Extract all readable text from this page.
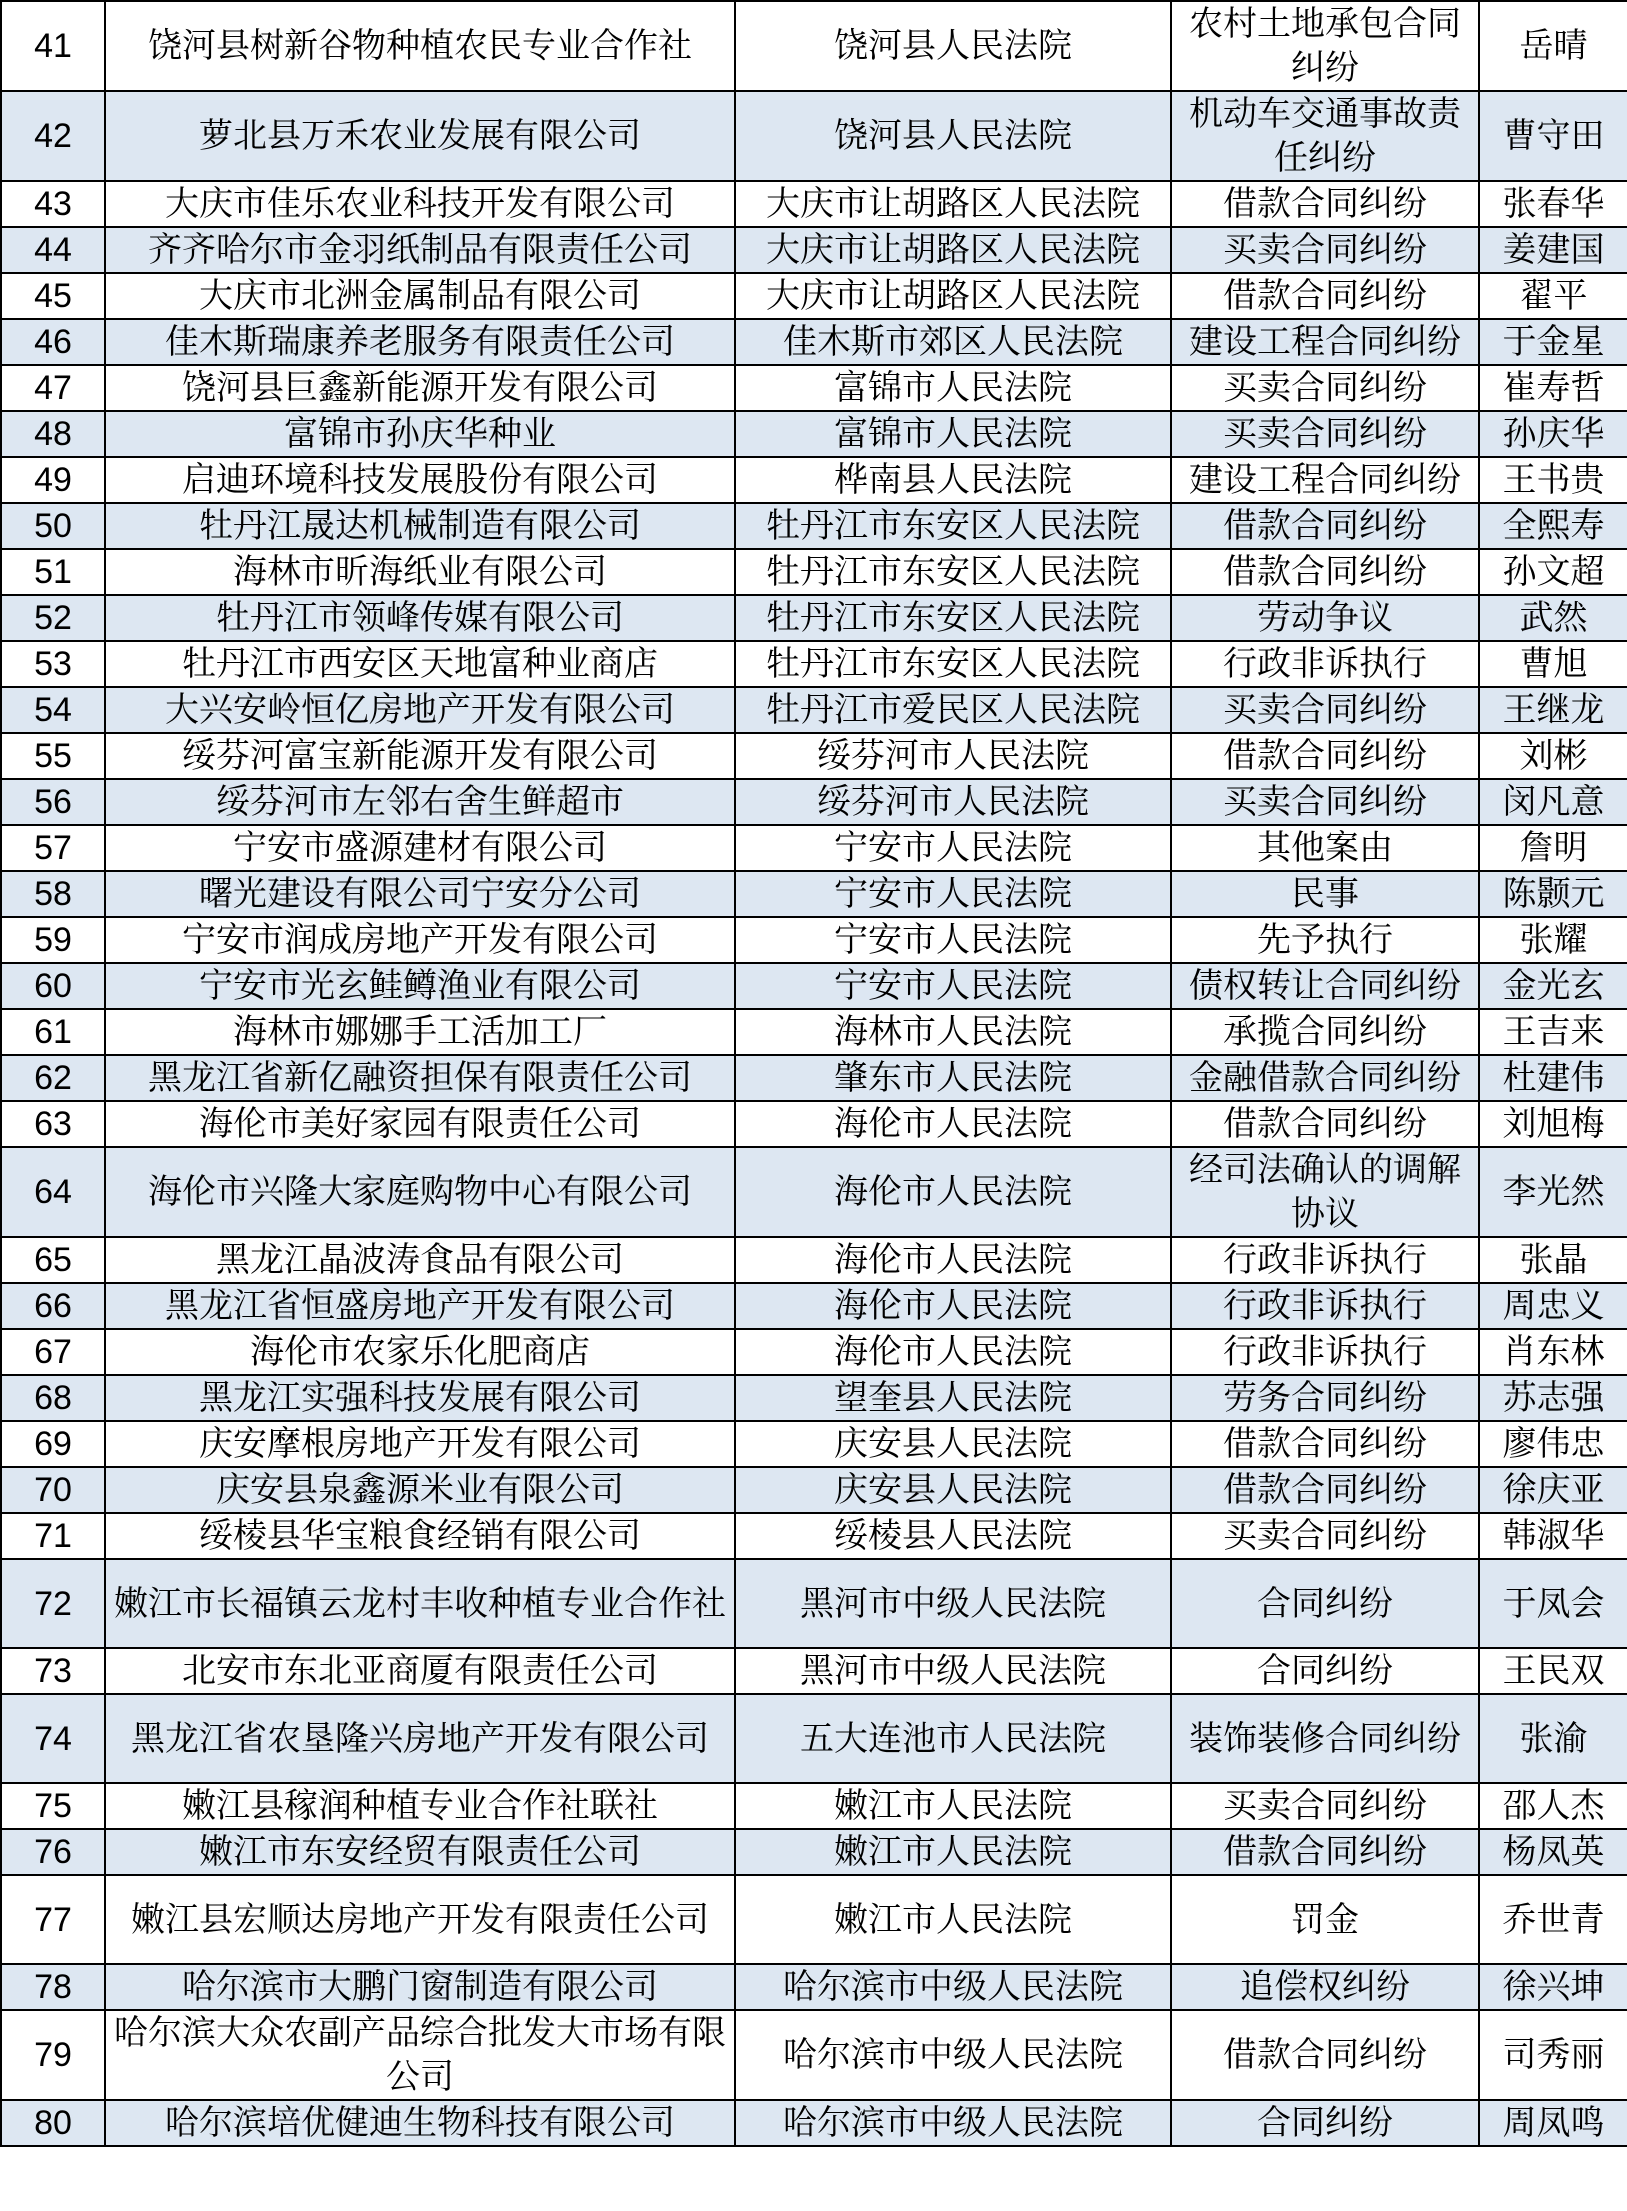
41	饶河县树新谷物种植农民专业合作社	饶河县人民法院	农村土地承包合同纠纷	岳晴
42	萝北县万禾农业发展有限公司	饶河县人民法院	机动车交通事故责任纠纷	曹守田
43	大庆市佳乐农业科技开发有限公司	大庆市让胡路区人民法院	借款合同纠纷	张春华
44	齐齐哈尔市金羽纸制品有限责任公司	大庆市让胡路区人民法院	买卖合同纠纷	姜建国
45	大庆市北洲金属制品有限公司	大庆市让胡路区人民法院	借款合同纠纷	翟平
46	佳木斯瑞康养老服务有限责任公司	佳木斯市郊区人民法院	建设工程合同纠纷	于金星
47	饶河县巨鑫新能源开发有限公司	富锦市人民法院	买卖合同纠纷	崔寿哲
48	富锦市孙庆华种业	富锦市人民法院	买卖合同纠纷	孙庆华
49	启迪环境科技发展股份有限公司	桦南县人民法院	建设工程合同纠纷	王书贵
50	牡丹江晟达机械制造有限公司	牡丹江市东安区人民法院	借款合同纠纷	全熙寿
51	海林市昕海纸业有限公司	牡丹江市东安区人民法院	借款合同纠纷	孙文超
52	牡丹江市领峰传媒有限公司	牡丹江市东安区人民法院	劳动争议	武然
53	牡丹江市西安区天地富种业商店	牡丹江市东安区人民法院	行政非诉执行	曹旭
54	大兴安岭恒亿房地产开发有限公司	牡丹江市爱民区人民法院	买卖合同纠纷	王继龙
55	绥芬河富宝新能源开发有限公司	绥芬河市人民法院	借款合同纠纷	刘彬
56	绥芬河市左邻右舍生鲜超市	绥芬河市人民法院	买卖合同纠纷	闵凡意
57	宁安市盛源建材有限公司	宁安市人民法院	其他案由	詹明
58	曙光建设有限公司宁安分公司	宁安市人民法院	民事	陈颢元
59	宁安市润成房地产开发有限公司	宁安市人民法院	先予执行	张耀
60	宁安市光玄鲑鳟渔业有限公司	宁安市人民法院	债权转让合同纠纷	金光玄
61	海林市娜娜手工活加工厂	海林市人民法院	承揽合同纠纷	王吉来
62	黑龙江省新亿融资担保有限责任公司	肇东市人民法院	金融借款合同纠纷	杜建伟
63	海伦市美好家园有限责任公司	海伦市人民法院	借款合同纠纷	刘旭梅
64	海伦市兴隆大家庭购物中心有限公司	海伦市人民法院	经司法确认的调解协议	李光然
65	黑龙江晶波涛食品有限公司	海伦市人民法院	行政非诉执行	张晶
66	黑龙江省恒盛房地产开发有限公司	海伦市人民法院	行政非诉执行	周忠义
67	海伦市农家乐化肥商店	海伦市人民法院	行政非诉执行	肖东林
68	黑龙江实强科技发展有限公司	望奎县人民法院	劳务合同纠纷	苏志强
69	庆安摩根房地产开发有限公司	庆安县人民法院	借款合同纠纷	廖伟忠
70	庆安县泉鑫源米业有限公司	庆安县人民法院	借款合同纠纷	徐庆亚
71	绥棱县华宝粮食经销有限公司	绥棱县人民法院	买卖合同纠纷	韩淑华
72	嫩江市长福镇云龙村丰收种植专业合作社	黑河市中级人民法院	合同纠纷	于凤会
73	北安市东北亚商厦有限责任公司	黑河市中级人民法院	合同纠纷	王民双
74	黑龙江省农垦隆兴房地产开发有限公司	五大连池市人民法院	装饰装修合同纠纷	张渝
75	嫩江县稼润种植专业合作社联社	嫩江市人民法院	买卖合同纠纷	邵人杰
76	嫩江市东安经贸有限责任公司	嫩江市人民法院	借款合同纠纷	杨凤英
77	嫩江县宏顺达房地产开发有限责任公司	嫩江市人民法院	罚金	乔世青
78	哈尔滨市大鹏门窗制造有限公司	哈尔滨市中级人民法院	追偿权纠纷	徐兴坤
79	哈尔滨大众农副产品综合批发大市场有限公司	哈尔滨市中级人民法院	借款合同纠纷	司秀丽
80	哈尔滨培优健迪生物科技有限公司	哈尔滨市中级人民法院	合同纠纷	周凤鸣
